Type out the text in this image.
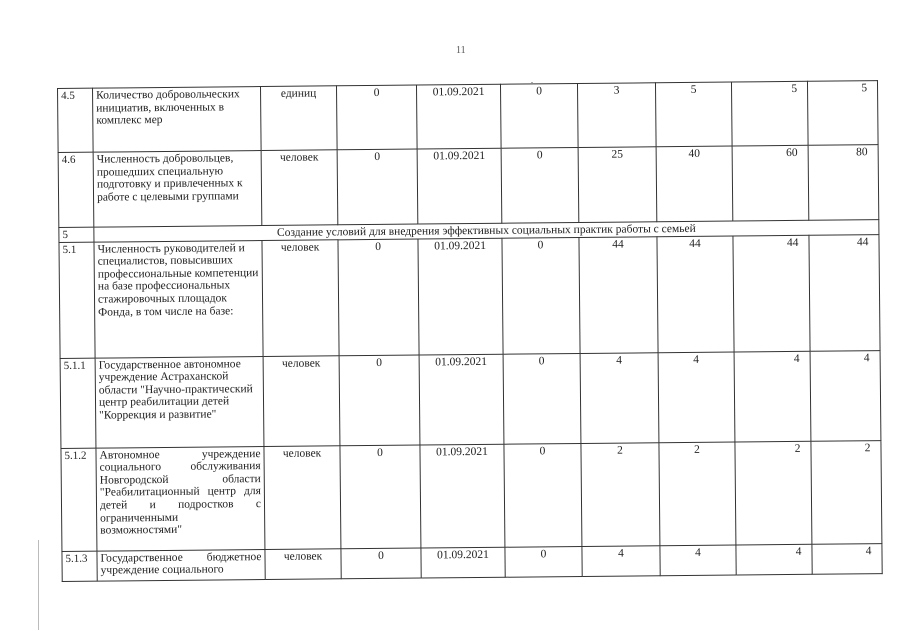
11
4.5	Количество добровольческих инициатив, включенных в комплекс мер	единиц	0	01.09.2021	0	3	5	5	5
4.6	Численность добровольцев, прошедших специальную подготовку и привлеченных к работе с целевыми группами	человек	0	01.09.2021	0	25	40	60	80
5	Создание условий для внедрения эффективных социальных практик работы с семьей								
5.1	Численность руководителей и специалистов, повысивших профессиональные компетенции на базе профессиональных стажировочных площадок Фонда, в том числе на базе:	человек	0	01.09.2021	0	44	44	44	44
5.1.1	Государственное автономное учреждение Астраханской области "Научно-практический центр реабилитации детей "Коррекция и развитие"	человек	0	01.09.2021	0	4	4	4	4
5.1.2	Автономное учреждение социального обслуживания Новгородской области "Реабилитационный центр для детей и подростков с ограниченными возможностями"	человек	0	01.09.2021	0	2	2	2	2
5.1.3	Государственное бюджетное учреждение социального	человек	0	01.09.2021	0	4	4	4	4
